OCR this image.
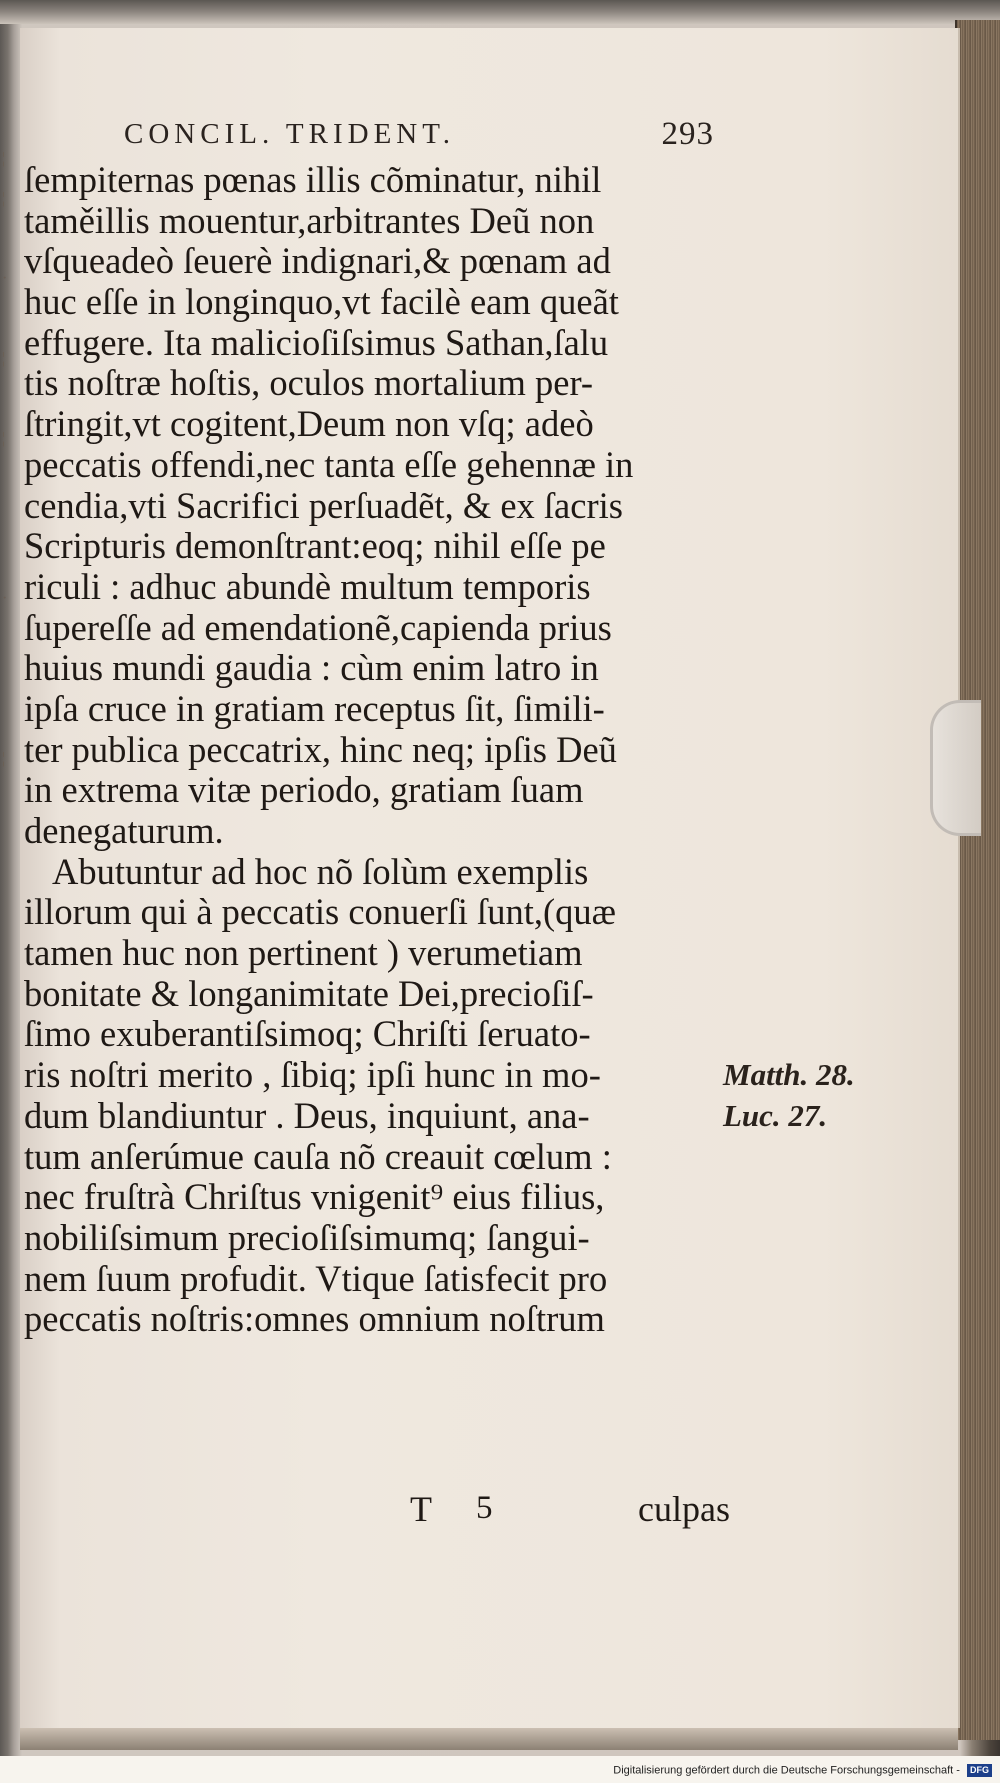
¦
¦
·
¦
¦
·
¦
CONCIL. TRIDENT.	293
ſempiternas pœnas illis cõminatur, nihil
taměillis mouentur,arbitrantes Deũ non
vſqueadeò ſeuerè indignari,& pœnam ad
huc eſſe in longinquo,vt facilè eam queãt
effugere. Ita malicioſiſsimus Sathan,ſalu
tis noſtræ hoſtis, oculos mortalium per-
ſtringit,vt cogitent,Deum non vſq; adeò
peccatis offendi,nec tanta eſſe gehennæ in
cendia,vti Sacrifici perſuadẽt, & ex ſacris
Scripturis demonſtrant:eoq; nihil eſſe pe
riculi : adhuc abundè multum temporis
ſupereſſe ad emendationẽ,capienda prius
huius mundi gaudia : cùm enim latro in
ipſa cruce in gratiam receptus ſit, ſimili-
ter publica peccatrix, hinc neq; ipſis Deũ
in extrema vitæ periodo, gratiam ſuam
denegaturum.
Abutuntur ad hoc nõ ſolùm exemplis
illorum qui à peccatis conuerſi ſunt,(quæ
tamen huc non pertinent ) verumetiam
bonitate & longanimitate Dei,precioſiſ-
ſimo exuberantiſsimoq; Chriſti ſeruato-
ris noſtri merito , ſibiq; ipſi hunc in mo-
dum blandiuntur . Deus, inquiunt, ana-
tum anſerúmue cauſa nõ creauit cœlum :
nec fruſtrà Chriſtus vnigenit⁹ eius filius,
nobiliſsimum precioſiſsimumq; ſangui-
nem ſuum profudit. Vtique ſatisfecit pro
peccatis noſtris:omnes omnium noſtrum
Matth. 28.
Luc. 27.
T 5	culpas
Digitalisierung gefördert durch die Deutsche Forschungsgemeinschaft - DFG
